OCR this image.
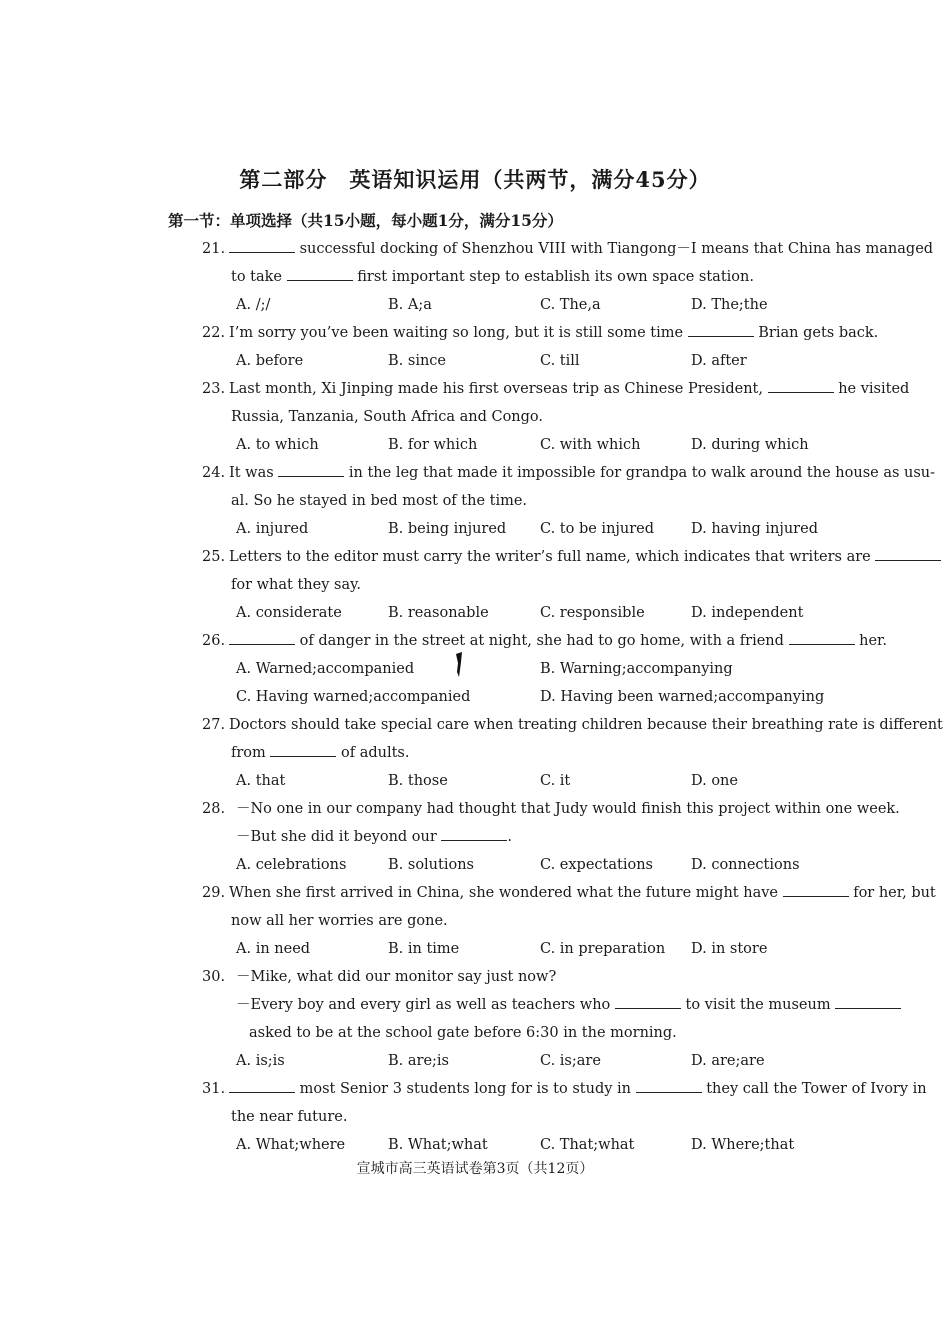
第二部分　英语知识运用（共两节，满分45分）
第一节：单项选择（共15小题，每小题1分，满分15分）
21.	successful docking of Shenzhou VIII with Tiangong－I means that China has managed
to take	first important step to establish its own space station.
A. /;/	B. A;a	C. The,a	D. The;the
22. I’m sorry you’ve been waiting so long, but it is still some time	Brian gets back.
A. before	B. since	C. till	D. after
23. Last month, Xi Jinping made his first overseas trip as Chinese President,	he visited
Russia, Tanzania, South Africa and Congo.
A. to which	B. for which	C. with which	D. during which
24. It was	in the leg that made it impossible for grandpa to walk around the house as usu-
al. So he stayed in bed most of the time.
A. injured	B. being injured C. to be injured	D. having injured
25. Letters to the editor must carry the writer’s full name, which indicates that writers are
for what they say.
A. considerate	B. reasonable	C. responsible	D. independent
26.	of danger in the street at night, she had to go home, with a friend	her.
A. Warned;accompanied	B. Warning;accompanying
C. Having warned;accompanied	D. Having been warned;accompanying
27. Doctors should take special care when treating children because their breathing rate is different
from	of adults.
A. that	B. those	C. it	D. one
28. －No one in our company had thought that Judy would finish this project within one week.
－But she did it beyond our	.
A. celebrations	B. solutions	C. expectations	D. connections
29. When she first arrived in China, she wondered what the future might have	for her, but
now all her worries are gone.
A. in need	B. in time	C. in preparation D. in store
30. －Mike, what did our monitor say just now?
－Every boy and every girl as well as teachers who	to visit the museum
asked to be at the school gate before 6:30 in the morning.
A. is;is	B. are;is	C. is;are	D. are;are
31.	most Senior 3 students long for is to study in	they call the Tower of Ivory in
the near future.
A. What;where	B. What;what	C. That;what	D. Where;that
宣城市高三英语试卷第3页（共12页）
